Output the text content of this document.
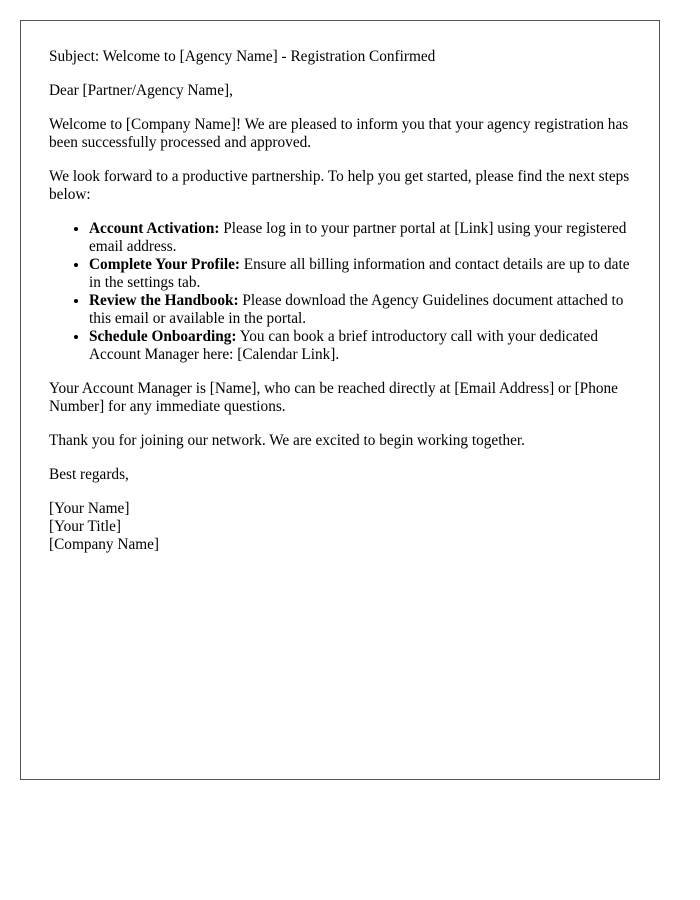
Subject: Welcome to [Agency Name] - Registration Confirmed

Dear [Partner/Agency Name],

Welcome to [Company Name]! We are pleased to inform you that your agency registration has been successfully processed and approved.

We look forward to a productive partnership. To help you get started, please find the next steps below:

• Account Activation: Please log in to your partner portal at [Link] using your registered email address.
• Complete Your Profile: Ensure all billing information and contact details are up to date in the settings tab.
• Review the Handbook: Please download the Agency Guidelines document attached to this email or available in the portal.
• Schedule Onboarding: You can book a brief introductory call with your dedicated Account Manager here: [Calendar Link].

Your Account Manager is [Name], who can be reached directly at [Email Address] or [Phone Number] for any immediate questions.

Thank you for joining our network. We are excited to begin working together.

Best regards,

[Your Name]
[Your Title]
[Company Name]
